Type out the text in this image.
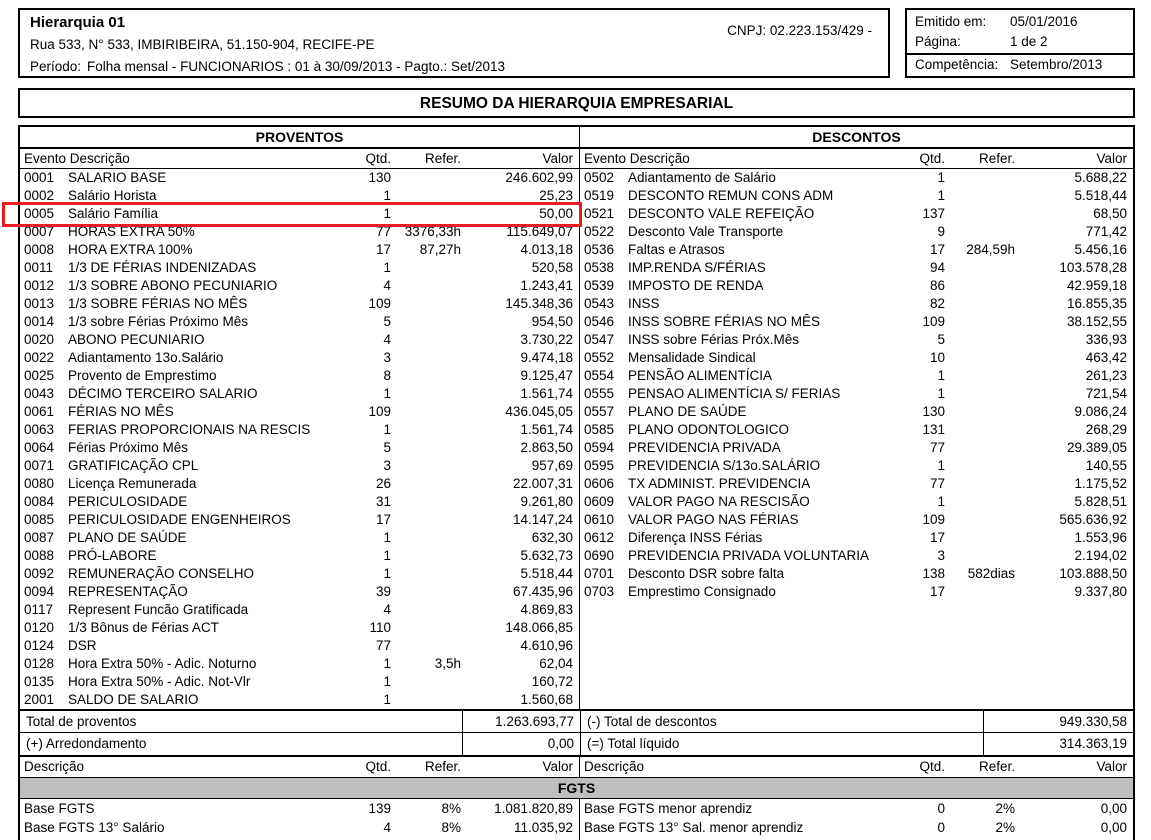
Hierarquia 01
Rua 533, N° 533, IMBIRIBEIRA, 51.150-904, RECIFE-PE
Período: Folha mensal - FUNCIONARIOS : 01 à 30/09/2013 - Pagto.: Set/2013
CNPJ: 02.223.153/429 -
Emitido em:	05/01/2016
Página:	1 de 2
Competência: Setembro/2013
RESUMO DA HIERARQUIA EMPRESARIAL
PROVENTOS	DESCONTOS
Evento Descrição	Qtd.	Refer.	Valor Evento Descrição	Qtd.	Refer.	Valor
0001	SALARIO BASE	130	246.602,99
0002	Salário Horista	1	25,23
0005	Salário Família	1	50,00
0007	HORAS EXTRA 50%	77	3376,33h	115.649,07
0008	HORA EXTRA 100%	17	87,27h	4.013,18
0011	1/3 DE FÉRIAS INDENIZADAS	1	520,58
0012	1/3 SOBRE ABONO PECUNIARIO	4	1.243,41
0013	1/3 SOBRE FÉRIAS NO MÊS	109	145.348,36
0014	1/3 sobre Férias Próximo Mês	5	954,50
0020	ABONO PECUNIARIO	4	3.730,22
0022	Adiantamento 13o.Salário	3	9.474,18
0025	Provento de Emprestimo	8	9.125,47
0043	DÉCIMO TERCEIRO SALARIO	1	1.561,74
0061	FÉRIAS NO MÊS	109	436.045,05
0063	FERIAS PROPORCIONAIS NA RESCIS	1	1.561,74
0064	Férias Próximo Mês	5	2.863,50
0071	GRATIFICAÇÃO CPL	3	957,69
0080	Licença Remunerada	26	22.007,31
0084	PERICULOSIDADE	31	9.261,80
0085	PERICULOSIDADE ENGENHEIROS	17	14.147,24
0087	PLANO DE SAÚDE	1	632,30
0088	PRÓ-LABORE	1	5.632,73
0092	REMUNERAÇÃO CONSELHO	1	5.518,44
0094	REPRESENTAÇÃO	39	67.435,96
0117	Represent Funcão Gratificada	4	4.869,83
0120	1/3 Bônus de Férias ACT	110	148.066,85
0124	DSR	77	4.610,96
0128	Hora Extra 50% - Adic. Noturno	1	3,5h	62,04
0135	Hora Extra 50% - Adic. Not-Vlr	1	160,72
2001	SALDO DE SALARIO	1	1.560,68
0502	Adiantamento de Salário	1	5.688,22
0519	DESCONTO REMUN CONS ADM	1	5.518,44
0521	DESCONTO VALE REFEIÇÃO	137	68,50
0522	Desconto Vale Transporte	9	771,42
0536	Faltas e Atrasos	17	284,59h	5.456,16
0538	IMP.RENDA S/FÉRIAS	94	103.578,28
0539	IMPOSTO DE RENDA	86	42.959,18
0543	INSS	82	16.855,35
0546	INSS SOBRE FÉRIAS NO MÊS	109	38.152,55
0547	INSS sobre Férias Próx.Mês	5	336,93
0552	Mensalidade Sindical	10	463,42
0554	PENSÃO ALIMENTÍCIA	1	261,23
0555	PENSAO ALIMENTÍCIA S/ FERIAS	1	721,54
0557	PLANO DE SAÚDE	130	9.086,24
0585	PLANO ODONTOLOGICO	131	268,29
0594	PREVIDENCIA PRIVADA	77	29.389,05
0595	PREVIDENCIA S/13o.SALÁRIO	1	140,55
0606	TX ADMINIST. PREVIDENCIA	77	1.175,52
0609	VALOR PAGO NA RESCISÃO	1	5.828,51
0610	VALOR PAGO NAS FÉRIAS	109	565.636,92
0612	Diferença INSS Férias	17	1.553,96
0690	PREVIDENCIA PRIVADA VOLUNTARIA	3	2.194,02
0701	Desconto DSR sobre falta	138	582dias	103.888,50
0703	Emprestimo Consignado	17	9.337,80
Total de proventos	1.263.693,77 (-) Total de descontos	949.330,58
(+) Arredondamento	0,00 (=) Total líquido	314.363,19
Descrição	Qtd.	Refer.	Valor Descrição	Qtd.	Refer.	Valor
FGTS
Base FGTS	139	8%	1.081.820,89
Base FGTS 13° Salário	4	8%	11.035,92
Base FGTS menor aprendiz	0	2%	0,00
Base FGTS 13° Sal. menor aprendiz	0	2%	0,00
